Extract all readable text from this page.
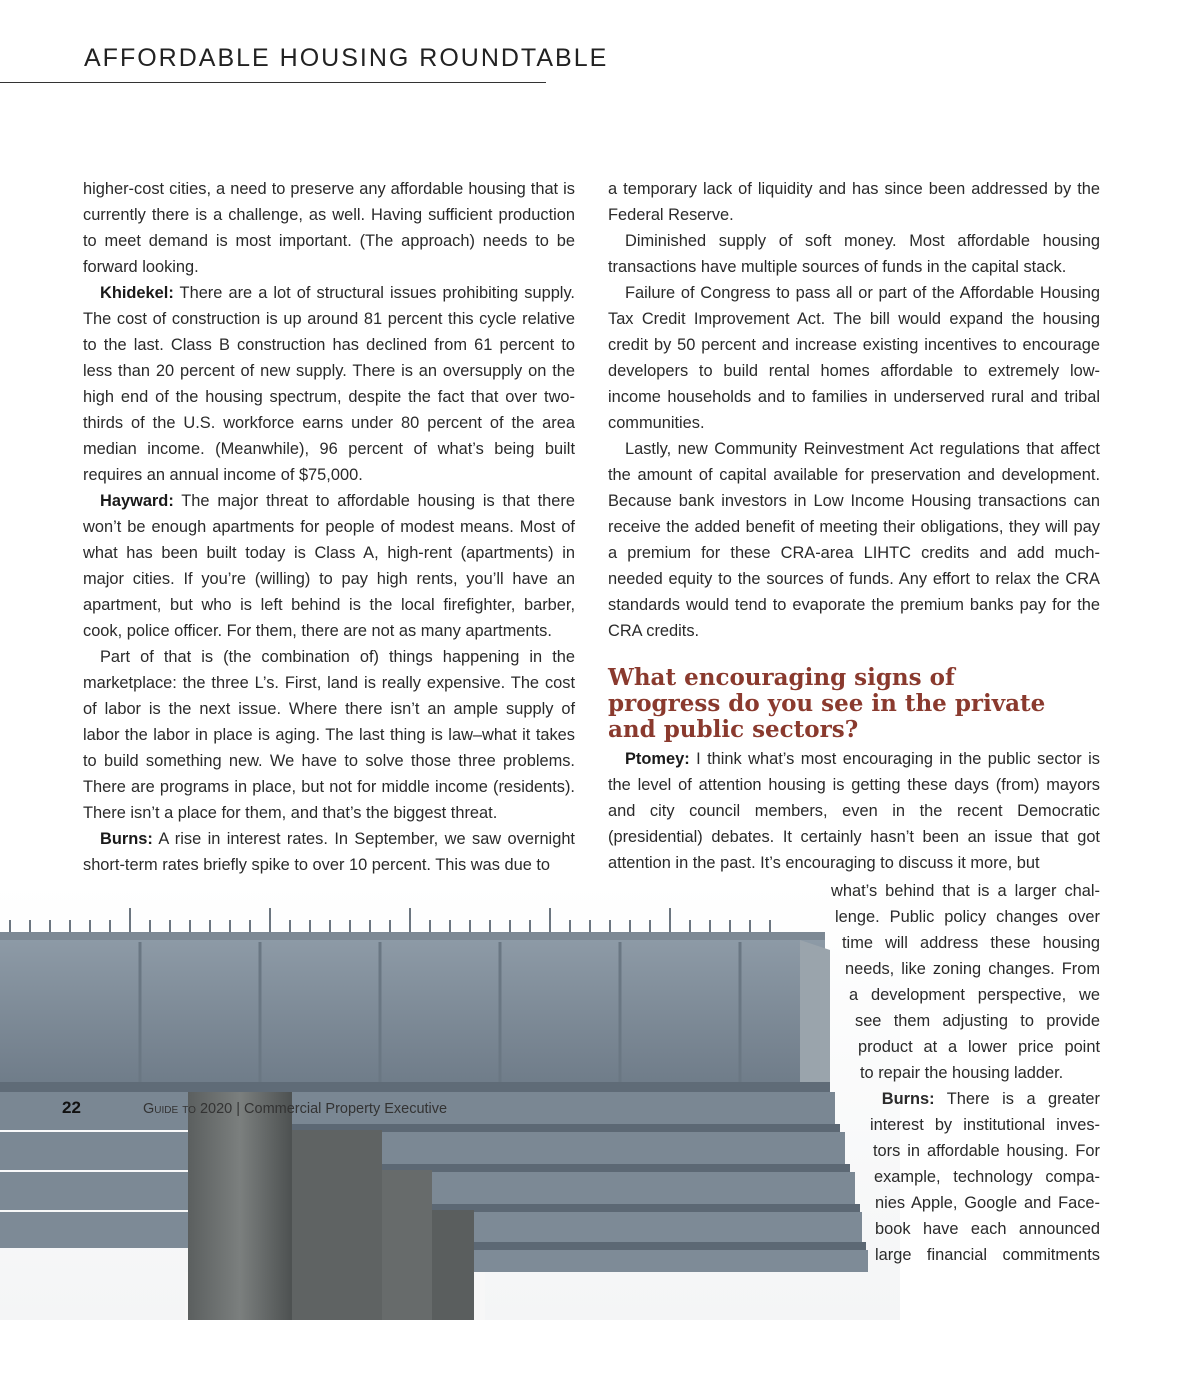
AFFORDABLE HOUSING ROUNDTABLE

higher-cost cities, a need to preserve any affordable housing that is currently there is a challenge, as well. Having sufficient production to meet demand is most important. (The approach) needs to be forward looking.

Khidekel: There are a lot of structural issues prohibiting supply. The cost of construction is up around 81 percent this cycle relative to the last. Class B construction has declined from 61 percent to less than 20 percent of new supply. There is an oversupply on the high end of the housing spectrum, despite the fact that over two-thirds of the U.S. workforce earns under 80 percent of the area median income. (Meanwhile), 96 percent of what’s being built requires an annual income of $75,000.

Hayward: The major threat to affordable housing is that there won’t be enough apartments for people of modest means. Most of what has been built today is Class A, high-rent (apartments) in major cities. If you’re (willing) to pay high rents, you’ll have an apartment, but who is left behind is the local firefighter, barber, cook, police officer. For them, there are not as many apartments.

Part of that is (the combination of) things happening in the marketplace: the three L’s. First, land is really expensive. The cost of labor is the next issue. Where there isn’t an ample supply of labor the labor in place is aging. The last thing is law–what it takes to build something new. We have to solve those three problems. There are programs in place, but not for middle income (residents). There isn’t a place for them, and that’s the biggest threat.

Burns: A rise in interest rates. In September, we saw overnight short-term rates briefly spike to over 10 percent. This was due to

a temporary lack of liquidity and has since been addressed by the Federal Reserve.

Diminished supply of soft money. Most affordable housing transactions have multiple sources of funds in the capital stack.

Failure of Congress to pass all or part of the Affordable Housing Tax Credit Improvement Act. The bill would expand the housing credit by 50 percent and increase existing incentives to encourage developers to build rental homes affordable to extremely low-income households and to families in underserved rural and tribal communities.

Lastly, new Community Reinvestment Act regulations that affect the amount of capital available for preservation and development. Because bank investors in Low Income Housing transactions can receive the added benefit of meeting their obligations, they will pay a premium for these CRA-area LIHTC credits and add much-needed equity to the sources of funds. Any effort to relax the CRA standards would tend to evaporate the premium banks pay for the CRA credits.

What encouraging signs of
progress do you see in the private
and public sectors?

Ptomey: I think what’s most encouraging in the public sector is the level of attention housing is getting these days (from) mayors and city council members, even in the recent Democratic (presidential) debates. It certainly hasn’t been an issue that got attention in the past. It’s encouraging to discuss it more, but

what’s behind that is a larger chal-
lenge. Public policy changes over
time will address these housing
needs, like zoning changes. From
a development perspective, we
see them adjusting to provide
product at a lower price point
to repair the housing ladder.
  Burns: There is a greater
interest by institutional inves-
tors in affordable housing. For
example, technology compa-
nies Apple, Google and Face-
book have each announced
large financial commitments
22	Guide to 2020 | Commercial Property Executive
